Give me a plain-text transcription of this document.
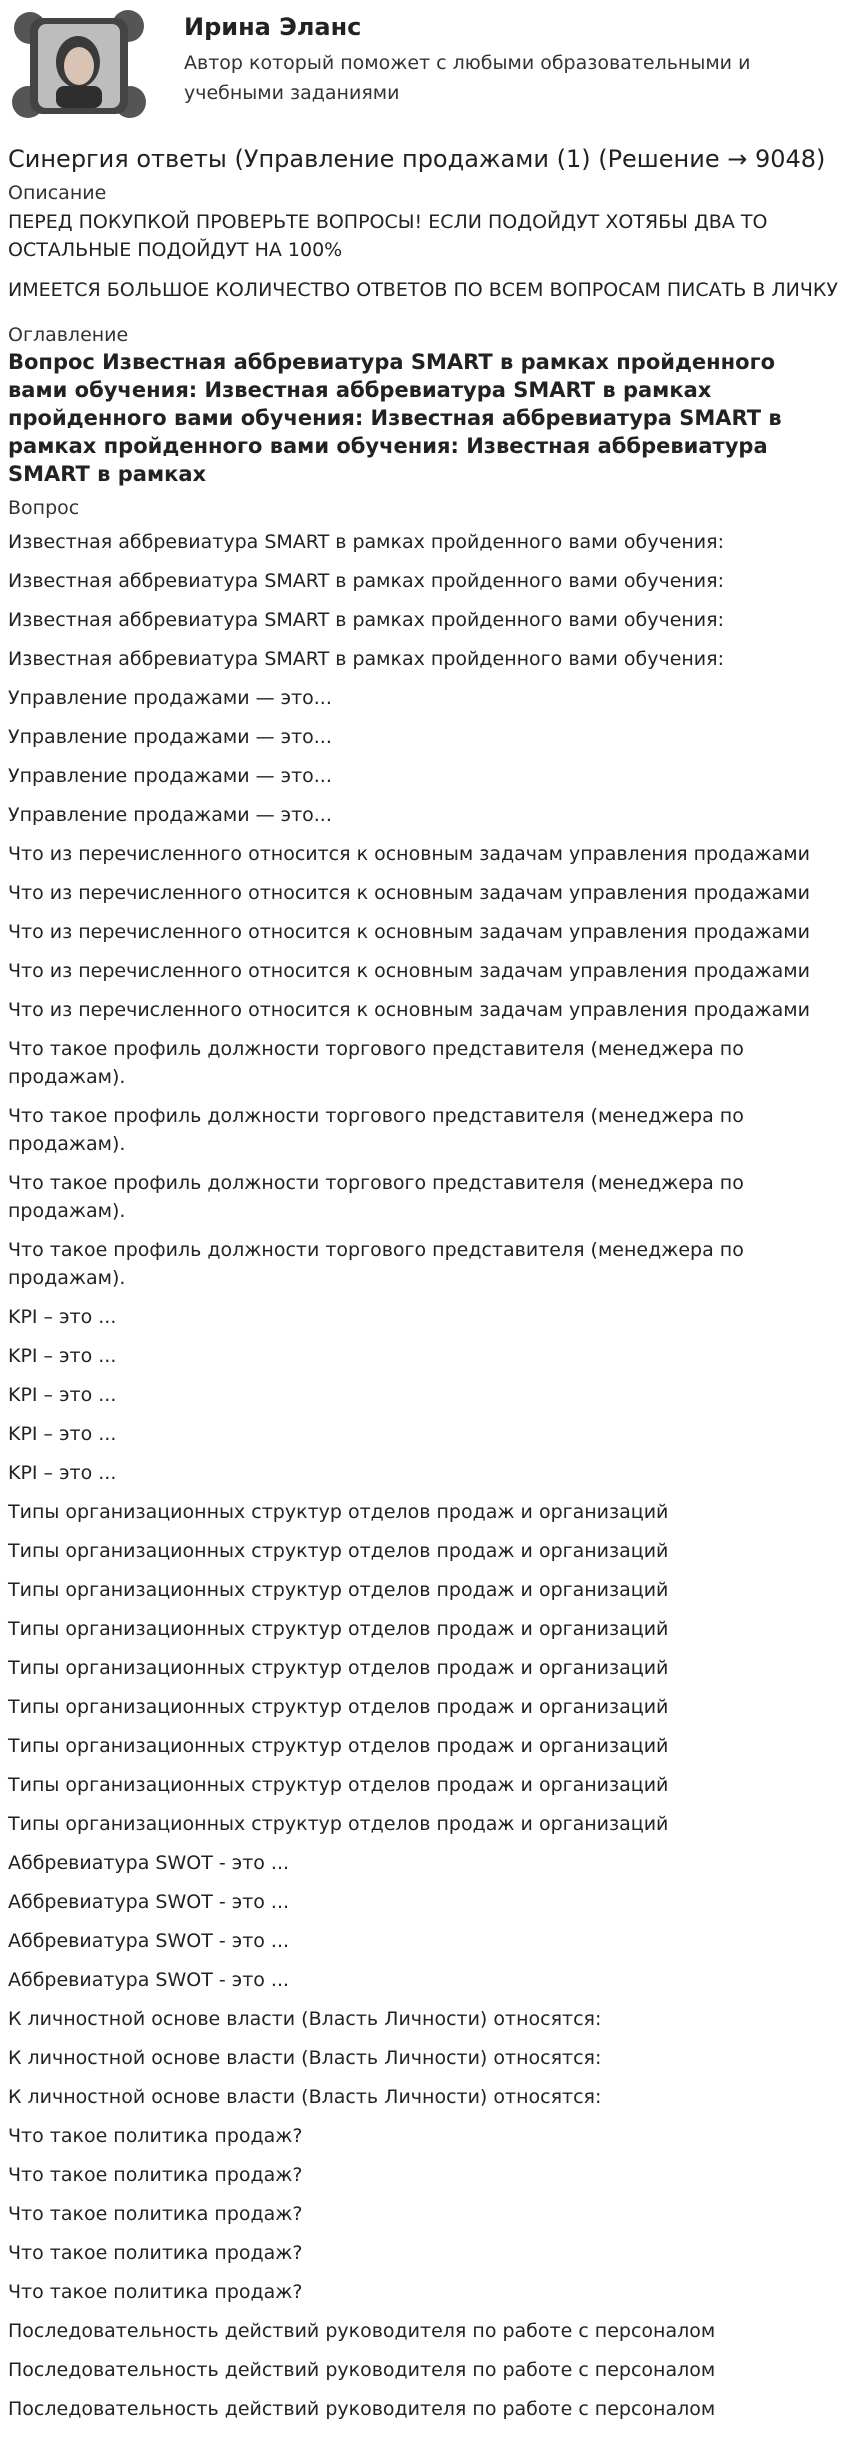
Ирина Эланс
Автор который поможет с любыми образовательными и учебными заданиями
Синергия ответы (Управление продажами (1) (Решение → 9048)
Описание
ПЕРЕД ПОКУПКОЙ ПРОВЕРЬТЕ ВОПРОСЫ! ЕСЛИ ПОДОЙДУТ ХОТЯБЫ ДВА ТО ОСТАЛЬНЫЕ ПОДОЙДУТ НА 100%
ИМЕЕТСЯ БОЛЬШОЕ КОЛИЧЕСТВО ОТВЕТОВ ПО ВСЕМ ВОПРОСАМ ПИСАТЬ В ЛИЧКУ
Оглавление
Вопрос Известная аббревиатура SMART в рамках пройденного вами обучения: Известная аббревиатура SMART в рамках пройденного вами обучения: Известная аббревиатура SMART в рамках пройденного вами обучения: Известная аббревиатура SMART в рамках
Вопрос
Известная аббревиатура SMART в рамках пройденного вами обучения:
Известная аббревиатура SMART в рамках пройденного вами обучения:
Известная аббревиатура SMART в рамках пройденного вами обучения:
Известная аббревиатура SMART в рамках пройденного вами обучения:
Управление продажами — это...
Управление продажами — это...
Управление продажами — это...
Управление продажами — это...
Что из перечисленного относится к основным задачам управления продажами
Что из перечисленного относится к основным задачам управления продажами
Что из перечисленного относится к основным задачам управления продажами
Что из перечисленного относится к основным задачам управления продажами
Что из перечисленного относится к основным задачам управления продажами
Что такое профиль должности торгового представителя (менеджера по продажам).
Что такое профиль должности торгового представителя (менеджера по продажам).
Что такое профиль должности торгового представителя (менеджера по продажам).
Что такое профиль должности торгового представителя (менеджера по продажам).
KPI – это ...
KPI – это ...
KPI – это ...
KPI – это ...
KPI – это ...
Типы организационных структур отделов продаж и организаций
Типы организационных структур отделов продаж и организаций
Типы организационных структур отделов продаж и организаций
Типы организационных структур отделов продаж и организаций
Типы организационных структур отделов продаж и организаций
Типы организационных структур отделов продаж и организаций
Типы организационных структур отделов продаж и организаций
Типы организационных структур отделов продаж и организаций
Типы организационных структур отделов продаж и организаций
Аббревиатура SWOT - это ...
Аббревиатура SWOT - это ...
Аббревиатура SWOT - это ...
Аббревиатура SWOT - это ...
К личностной основе власти (Власть Личности) относятся:
К личностной основе власти (Власть Личности) относятся:
К личностной основе власти (Власть Личности) относятся:
Что такое политика продаж?
Что такое политика продаж?
Что такое политика продаж?
Что такое политика продаж?
Что такое политика продаж?
Последовательность действий руководителя по работе с персоналом
Последовательность действий руководителя по работе с персоналом
Последовательность действий руководителя по работе с персоналом
